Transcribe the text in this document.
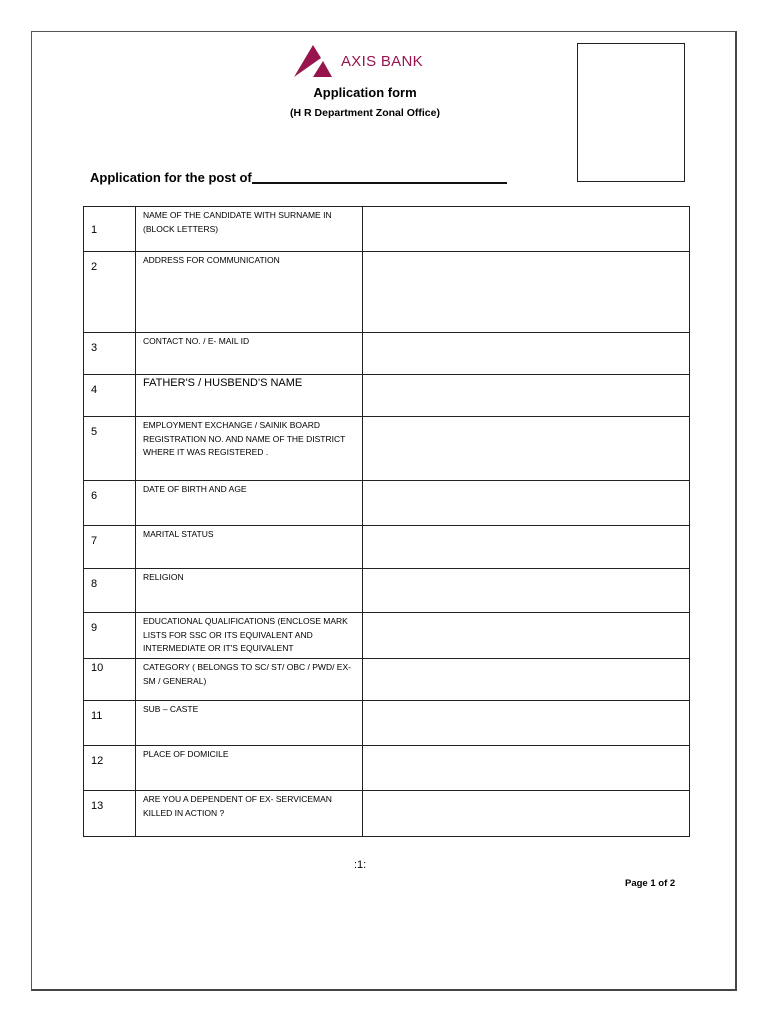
AXIS BANK
Application form
(H R Department Zonal Office)
Application for the post of
1	NAME OF THE CANDIDATE WITH SURNAME IN (BLOCK LETTERS)	
2	ADDRESS FOR COMMUNICATION	
3	CONTACT NO. / E- MAIL ID	
4	FATHER'S / HUSBEND'S NAME	
5	EMPLOYMENT EXCHANGE / SAINIK BOARD REGISTRATION NO. AND NAME OF THE DISTRICT WHERE IT WAS REGISTERED .	
6	DATE OF BIRTH AND AGE	
7	MARITAL STATUS	
8	RELIGION	
9	EDUCATIONAL QUALIFICATIONS (ENCLOSE MARK LISTS FOR SSC OR ITS EQUIVALENT AND INTERMEDIATE OR IT'S EQUIVALENT	
10	CATEGORY ( BELONGS TO SC/ ST/ OBC / PWD/ EX-SM / GENERAL)	
11	SUB – CASTE	
12	PLACE OF DOMICILE	
13	ARE YOU A DEPENDENT OF EX- SERVICEMAN KILLED IN ACTION ?	
:1:
Page 1 of 2
